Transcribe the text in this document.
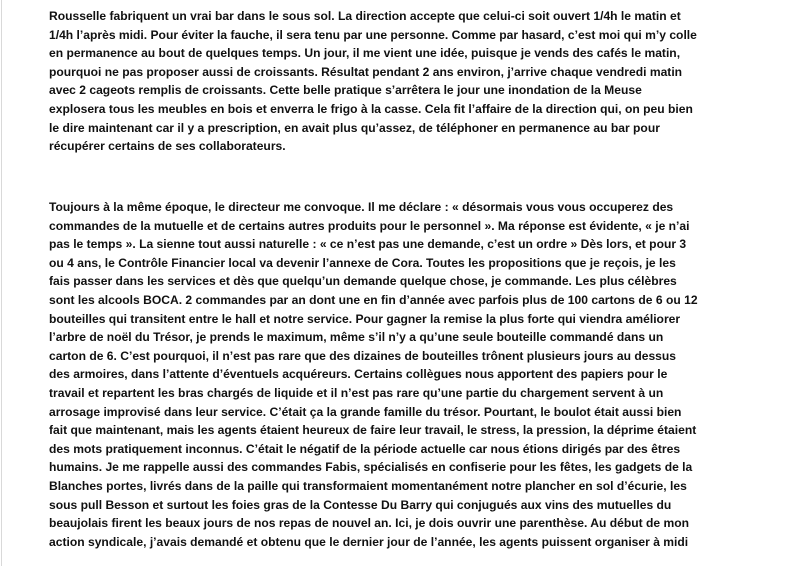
Rousselle fabriquent un vrai bar dans le sous sol. La direction accepte que celui-ci soit ouvert 1/4h le matin et
1/4h l’après midi. Pour éviter la fauche, il sera tenu par une personne. Comme par hasard, c’est moi qui m’y colle
en permanence au bout de quelques temps. Un jour, il me vient une idée, puisque je vends des cafés le matin,
pourquoi ne pas proposer aussi de croissants. Résultat pendant 2 ans environ, j’arrive chaque vendredi matin
avec 2 cageots remplis de croissants. Cette belle pratique s’arrêtera le jour une inondation de la Meuse
explosera tous les meubles en bois et enverra le frigo à la casse. Cela fit l’affaire de la direction qui, on peu bien
le dire maintenant car il y a prescription, en avait plus qu’assez, de téléphoner en permanence au bar pour
récupérer certains de ses collaborateurs.
Toujours à la même époque, le directeur me convoque. Il me déclare : « désormais vous vous occuperez des
commandes de la mutuelle et de certains autres produits pour le personnel ». Ma réponse est évidente, « je n’ai
pas le temps ». La sienne tout aussi naturelle : « ce n’est pas une demande, c’est un ordre » Dès lors, et pour 3
ou 4 ans, le Contrôle Financier local va devenir l’annexe de Cora. Toutes les propositions que je reçois, je les
fais passer dans les services et dès que quelqu’un demande quelque chose, je commande. Les plus célèbres
sont les alcools BOCA. 2 commandes par an dont une en fin d’année avec parfois plus de 100 cartons de 6 ou 12
bouteilles qui transitent entre le hall et notre service. Pour gagner la remise la plus forte qui viendra améliorer
l’arbre de noël du Trésor, je prends le maximum, même s’il n’y a qu’une seule bouteille commandé dans un
carton de 6. C’est pourquoi, il n’est pas rare que des dizaines de bouteilles trônent plusieurs jours au dessus
des armoires, dans l’attente d’éventuels acquéreurs. Certains collègues nous apportent des papiers pour le
travail et repartent les bras chargés de liquide et il n’est pas rare qu’une partie du chargement servent à un
arrosage improvisé dans leur service. C’était ça la grande famille du trésor. Pourtant, le boulot était aussi bien
fait que maintenant, mais les agents étaient heureux de faire leur travail, le stress, la pression, la déprime étaient
des mots pratiquement inconnus. C’était le négatif de la période actuelle car nous étions dirigés par des êtres
humains. Je me rappelle aussi des commandes Fabis, spécialisés en confiserie pour les fêtes, les gadgets de la
Blanches portes, livrés dans de la paille qui transformaient momentanément notre plancher en sol d’écurie, les
sous pull Besson et surtout les foies gras de la Contesse Du Barry qui conjugués aux vins des mutuelles du
beaujolais firent les beaux jours de nos repas de nouvel an. Ici, je dois ouvrir une parenthèse. Au début de mon
action syndicale, j’avais demandé et obtenu que le dernier jour de l’année, les agents puissent organiser à midi
